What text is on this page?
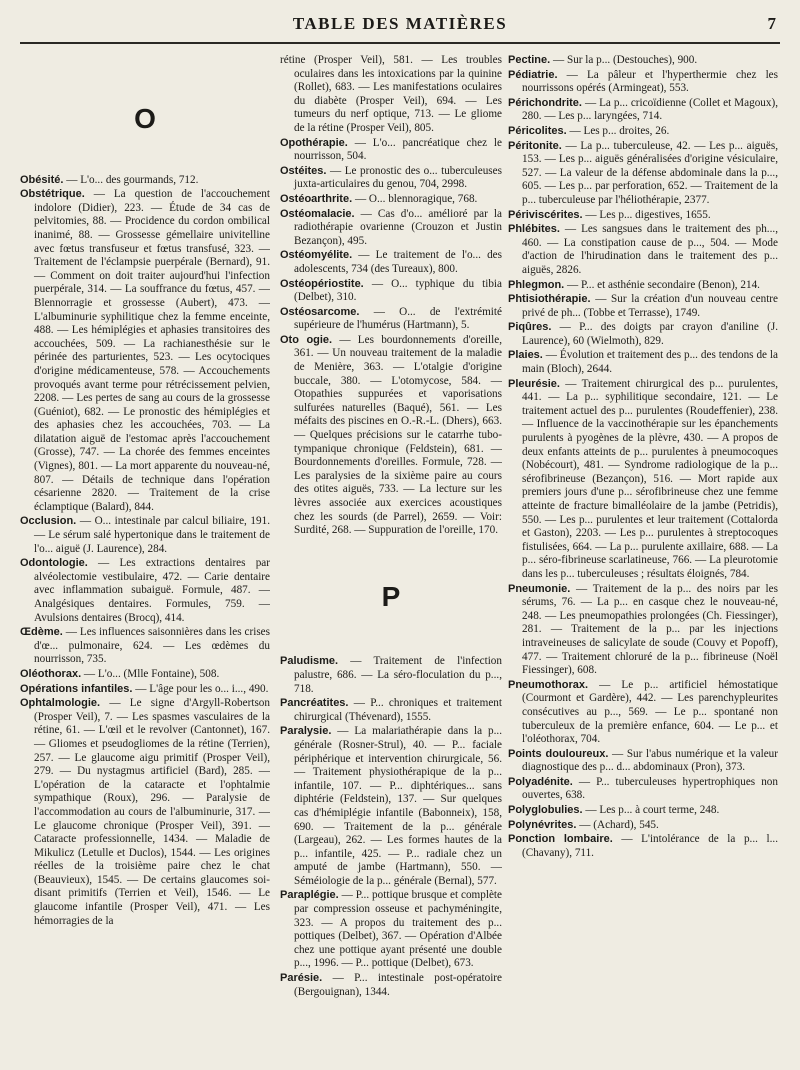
TABLE DES MATIÈRES	7
O

Obésité. — L'o... des gourmands, 712.

Obstétrique. — La question de l'accouchement indolore (Didier), 223. — Étude de 34 cas de pelvitomies, 88. — Procidence du cordon ombilical inanimé, 88. — Grossesse gémellaire univitelline avec fœtus transfuseur et fœtus transfusé, 323. — Traitement de l'éclampsie puerpérale (Bernard), 91. — Comment on doit traiter aujourd'hui l'infection puerpérale, 314. — La souffrance du fœtus, 457. — Blennorragie et grossesse (Aubert), 473. — L'albuminurie syphilitique chez la femme enceinte, 488. — Les hémiplégies et aphasies transitoires des accouchées, 509. — La rachianesthésie sur le périnée des parturientes, 523. — Les ocytociques d'origine médicamenteuse, 578. — Accouchements provoqués avant terme pour rétrécissement pelvien, 2208. — Les pertes de sang au cours de la grossesse (Guéniot), 682. — Le pronostic des hémiplégies et des aphasies chez les accouchées, 703. — La dilatation aiguë de l'estomac après l'accouchement (Grosse), 747. — La chorée des femmes enceintes (Vignes), 801. — La mort apparente du nouveau-né, 807. — Détails de technique dans l'opération césarienne 2820. — Traitement de la crise éclamptique (Balard), 844.

Occlusion. — O... intestinale par calcul biliaire, 191. — Le sérum salé hypertonique dans le traitement de l'o... aiguë (J. Laurence), 284.

Odontologie. — Les extractions dentaires par alvéolectomie vestibulaire, 472. — Carie dentaire avec inflammation subaiguë. Formule, 487. — Analgésiques dentaires. Formules, 759. — Avulsions dentaires (Brocq), 414.

Œdème. — Les influences saisonnières dans les crises d'œ... pulmonaire, 624. — Les œdèmes du nourrisson, 735.

Oléothorax. — L'o... (Mlle Fontaine), 508.

Opérations infantiles. — L'âge pour les o... i..., 490.

Ophtalmologie. — Le signe d'Argyll-Robertson (Prosper Veil), 7. — Les spasmes vasculaires de la rétine, 61. — L'œil et le revolver (Cantonnet), 167. — Gliomes et pseudogliomes de la rétine (Terrien), 257. — Le glaucome aigu primitif (Prosper Veil), 279. — Du nystagmus artificiel (Bard), 285. — L'opération de la cataracte et l'ophtalmie sympathique (Roux), 296. — Paralysie de l'accommodation au cours de l'albuminurie, 317. — Le glaucome chronique (Prosper Veil), 391. — Cataracte professionnelle, 1434. — Maladie de Mikulicz (Letulle et Duclos), 1544. — Les origines réelles de la troisième paire chez le chat (Beauvieux), 1545. — De certains glaucomes soi-disant primitifs (Terrien et Veil), 1546. — Le glaucome infantile (Prosper Veil), 471. — Les hémorragies de la

rétine (Prosper Veil), 581. — Les troubles oculaires dans les intoxications par la quinine (Rollet), 683. — Les manifestations oculaires du diabète (Prosper Veil), 694. — Les tumeurs du nerf optique, 713. — Le gliome de la rétine (Prosper Veil), 805.

Opothérapie. — L'o... pancréatique chez le nourrisson, 504.

Ostéites. — Le pronostic des o... tuberculeuses juxta-articulaires du genou, 704, 2998.

Ostéoarthrite. — O... blennoragique, 768.

Ostéomalacie. — Cas d'o... amélioré par la radiothérapie ovarienne (Crouzon et Justin Bezançon), 495.

Ostéomyélite. — Le traitement de l'o... des adolescents, 734 (des Tureaux), 800.

Ostéopériostite. — O... typhique du tibia (Delbet), 310.

Ostéosarcome. — O... de l'extrémité supérieure de l'humérus (Hartmann), 5.

Oto ogie. — Les bourdonnements d'oreille, 361. — Un nouveau traitement de la maladie de Menière, 363. — L'otalgie d'origine buccale, 380. — L'otomycose, 584. — Otopathies suppurées et vaporisations sulfurées naturelles (Baqué), 561. — Les méfaits des piscines en O.-R.-L. (Dhers), 663. — Quelques précisions sur le catarrhe tubo-tympanique chronique (Feldstein), 681. — Bourdonnements d'oreilles. Formule, 728. — Les paralysies de la sixième paire au cours des otites aiguës, 733. — La lecture sur les lèvres associée aux exercices acoustiques chez les sourds (de Parrel), 2659. — Voir: Surdité, 268. — Suppuration de l'oreille, 170.

P

Paludisme. — Traitement de l'infection palustre, 686. — La séro-floculation du p..., 718.

Pancréatites. — P... chroniques et traitement chirurgical (Thévenard), 1555.

Paralysie. — La malariathérapie dans la p... générale (Rosner-Strul), 40. — P... faciale périphérique et intervention chirurgicale, 56. — Traitement physiothérapique de la p... infantile, 107. — P... diphtériques... sans diphtérie (Feldstein), 137. — Sur quelques cas d'hémiplégie infantile (Babonneix), 158, 690. — Traitement de la p... générale (Largeau), 262. — Les formes hautes de la p... infantile, 425. — P... radiale chez un amputé de jambe (Hartmann), 550. — Séméiologie de la p... générale (Bernal), 577.

Paraplégie. — P... pottique brusque et complète par compression osseuse et pachyméningite, 323. — A propos du traitement des p... pottiques (Delbet), 367. — Opération d'Albée chez une pottique ayant présenté une double p..., 1996. — P... pottique (Delbet), 673.

Parésie. — P... intestinale post-opératoire (Bergouignan), 1344.

Pectine. — Sur la p... (Destouches), 900.

Pédiatrie. — La pâleur et l'hyperthermie chez les nourrissons opérés (Armingeat), 553.

Périchondrite. — La p... cricoïdienne (Collet et Magoux), 280. — Les p... laryngées, 714.

Péricolites. — Les p... droites, 26.

Péritonite. — La p... tuberculeuse, 42. — Les p... aiguës, 153. — Les p... aiguës généralisées d'origine vésiculaire, 527. — La valeur de la défense abdominale dans la p..., 605. — Les p... par perforation, 652. — Traitement de la p... tuberculeuse par l'héliothérapie, 2377.

Périviscérites. — Les p... digestives, 1655.

Phlébites. — Les sangsues dans le traitement des ph..., 460. — La constipation cause de p..., 504. — Mode d'action de l'hirudination dans le traitement des p... aiguës, 2826.

Phlegmon. — P... et asthénie secondaire (Benon), 214.

Phtisiothérapie. — Sur la création d'un nouveau centre privé de ph... (Tobbe et Terrasse), 1749.

Piqûres. — P... des doigts par crayon d'aniline (J. Laurence), 60 (Wielmoth), 829.

Plaies. — Évolution et traitement des p... des tendons de la main (Bloch), 2644.

Pleurésie. — Traitement chirurgical des p... purulentes, 441. — La p... syphilitique secondaire, 121. — Le traitement actuel des p... purulentes (Roudeffenier), 238. — Influence de la vaccinothérapie sur les épanchements purulents à pyogènes de la plèvre, 430. — A propos de deux enfants atteints de p... purulentes à pneumocoques (Nobécourt), 481. — Syndrome radiologique de la p... sérofibrineuse (Bezançon), 516. — Mort rapide aux premiers jours d'une p... sérofibrineuse chez une femme atteinte de fracture bimalléolaire de la jambe (Petridis), 550. — Les p... purulentes et leur traitement (Cottalorda et Gaston), 2203. — Les p... purulentes à streptocoques fistulisées, 664. — La p... purulente axillaire, 688. — La p... séro-fibrineuse scarlatineuse, 766. — La pleurotomie dans les p... tuberculeuses ; résultats éloignés, 784.

Pneumonie. — Traitement de la p... des noirs par les sérums, 76. — La p... en casque chez le nouveau-né, 248. — Les pneumopathies prolongées (Ch. Fiessinger), 281. — Traitement de la p... par les injections intraveineuses de salicylate de soude (Couvy et Popoff), 477. — Traitement chloruré de la p... fibrineuse (Noël Fiessinger), 608.

Pneumothorax. — Le p... artificiel hémostatique (Courmont et Gardère), 442. — Les parenchypleurites consécutives au p..., 569. — Le p... spontané non tuberculeux de la première enfance, 604. — Le p... et l'oléothorax, 704.

Points douloureux. — Sur l'abus numérique et la valeur diagnostique des p... d... abdominaux (Pron), 373.

Polyadénite. — P... tuberculeuses hypertrophiques non ouvertes, 638.

Polyglobulies. — Les p... à court terme, 248.

Polynévrites. — (Achard), 545.

Ponction lombaire. — L'intolérance de la p... l... (Chavany), 711.
